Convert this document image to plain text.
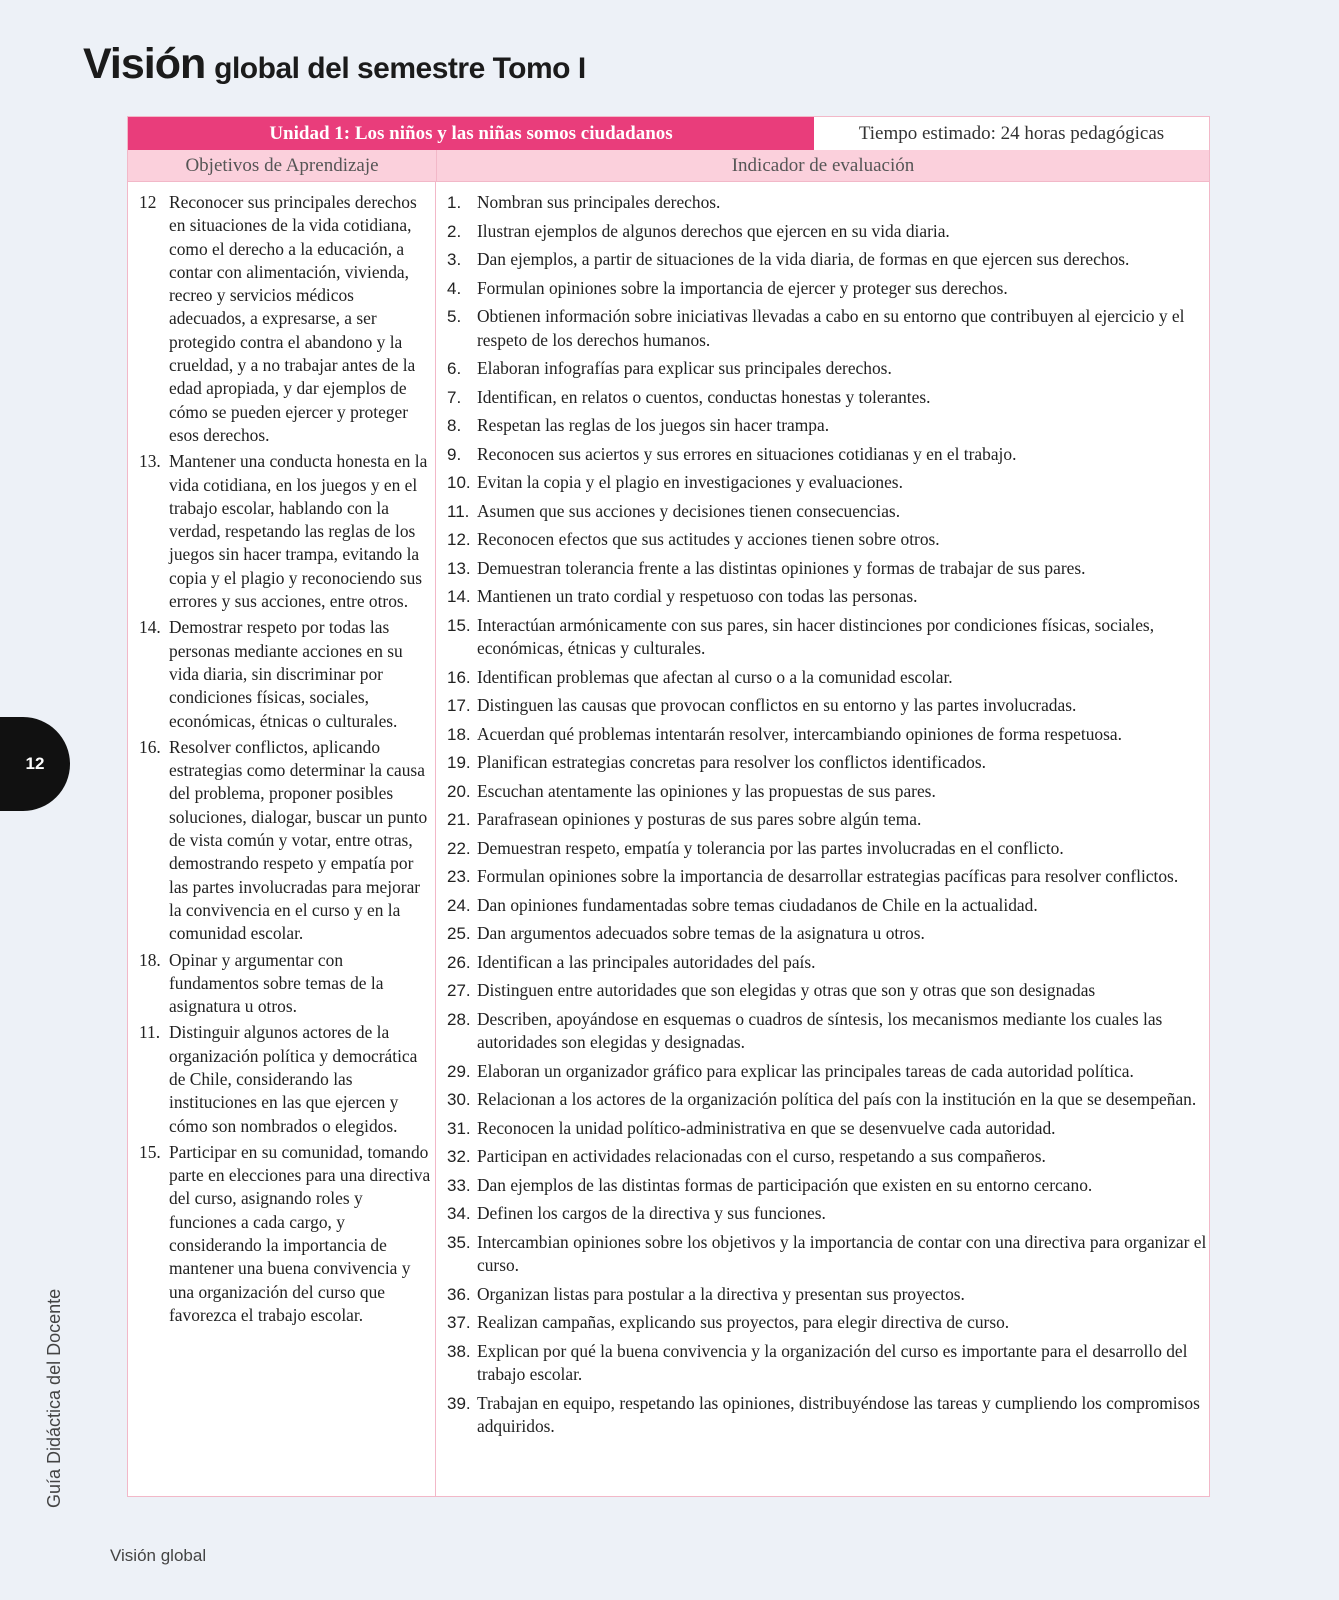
Visión global del semestre Tomo I
Unidad 1: Los niños y las niñas somos ciudadanos	Tiempo estimado: 24 horas pedagógicas
Objetivos de Aprendizaje	Indicador de evaluación
12 Reconocer sus principales derechos en situaciones de la vida cotidiana, como el derecho a la educación, a contar con alimentación, vivienda, recreo y servicios médicos adecuados, a expresarse, a ser protegido contra el abandono y la crueldad, y a no trabajar antes de la edad apropiada, y dar ejemplos de cómo se pueden ejercer y proteger esos derechos.
13. Mantener una conducta honesta en la vida cotidiana, en los juegos y en el trabajo escolar, hablando con la verdad, respetando las reglas de los juegos sin hacer trampa, evitando la copia y el plagio y reconociendo sus errores y sus acciones, entre otros.
14. Demostrar respeto por todas las personas mediante acciones en su vida diaria, sin discriminar por condiciones físicas, sociales, económicas, étnicas o culturales.
16. Resolver conflictos, aplicando estrategias como determinar la causa del problema, proponer posibles soluciones, dialogar, buscar un punto de vista común y votar, entre otras, demostrando respeto y empatía por las partes involucradas para mejorar la convivencia en el curso y en la comunidad escolar.
18. Opinar y argumentar con fundamentos sobre temas de la asignatura u otros.
11. Distinguir algunos actores de la organización política y democrática de Chile, considerando las instituciones en las que ejercen y cómo son nombrados o elegidos.
15. Participar en su comunidad, tomando parte en elecciones para una directiva del curso, asignando roles y funciones a cada cargo, y considerando la importancia de mantener una buena convivencia y una organización del curso que favorezca el trabajo escolar.
1. Nombran sus principales derechos.
2. Ilustran ejemplos de algunos derechos que ejercen en su vida diaria.
3. Dan ejemplos, a partir de situaciones de la vida diaria, de formas en que ejercen sus derechos.
4. Formulan opiniones sobre la importancia de ejercer y proteger sus derechos.
5. Obtienen información sobre iniciativas llevadas a cabo en su entorno que contribuyen al ejercicio y el respeto de los derechos humanos.
6. Elaboran infografías para explicar sus principales derechos.
7. Identifican, en relatos o cuentos, conductas honestas y tolerantes.
8. Respetan las reglas de los juegos sin hacer trampa.
9. Reconocen sus aciertos y sus errores en situaciones cotidianas y en el trabajo.
10. Evitan la copia y el plagio en investigaciones y evaluaciones.
11. Asumen que sus acciones y decisiones tienen consecuencias.
12. Reconocen efectos que sus actitudes y acciones tienen sobre otros.
13. Demuestran tolerancia frente a las distintas opiniones y formas de trabajar de sus pares.
14. Mantienen un trato cordial y respetuoso con todas las personas.
15. Interactúan armónicamente con sus pares, sin hacer distinciones por condiciones físicas, sociales, económicas, étnicas y culturales.
16. Identifican problemas que afectan al curso o a la comunidad escolar.
17. Distinguen las causas que provocan conflictos en su entorno y las partes involucradas.
18. Acuerdan qué problemas intentarán resolver, intercambiando opiniones de forma respetuosa.
19. Planifican estrategias concretas para resolver los conflictos identificados.
20. Escuchan atentamente las opiniones y las propuestas de sus pares.
21. Parafrasean opiniones y posturas de sus pares sobre algún tema.
22. Demuestran respeto, empatía y tolerancia por las partes involucradas en el conflicto.
23. Formulan opiniones sobre la importancia de desarrollar estrategias pacíficas para resolver conflictos.
24. Dan opiniones fundamentadas sobre temas ciudadanos de Chile en la actualidad.
25. Dan argumentos adecuados sobre temas de la asignatura u otros.
26. Identifican a las principales autoridades del país.
27. Distinguen entre autoridades que son elegidas y otras que son y otras que son designadas
28. Describen, apoyándose en esquemas o cuadros de síntesis, los mecanismos mediante los cuales las autoridades son elegidas y designadas.
29. Elaboran un organizador gráfico para explicar las principales tareas de cada autoridad política.
30. Relacionan a los actores de la organización política del país con la institución en la que se desempeñan.
31. Reconocen la unidad político-administrativa en que se desenvuelve cada autoridad.
32. Participan en actividades relacionadas con el curso, respetando a sus compañeros.
33. Dan ejemplos de las distintas formas de participación que existen en su entorno cercano.
34. Definen los cargos de la directiva y sus funciones.
35. Intercambian opiniones sobre los objetivos y la importancia de contar con una directiva para organizar el curso.
36. Organizan listas para postular a la directiva y presentan sus proyectos.
37. Realizan campañas, explicando sus proyectos, para elegir directiva de curso.
38. Explican por qué la buena convivencia y la organización del curso es importante para el desarrollo del trabajo escolar.
39. Trabajan en equipo, respetando las opiniones, distribuyéndose las tareas y cumpliendo los compromisos adquiridos.
12
Guía Didáctica del Docente
Visión global
